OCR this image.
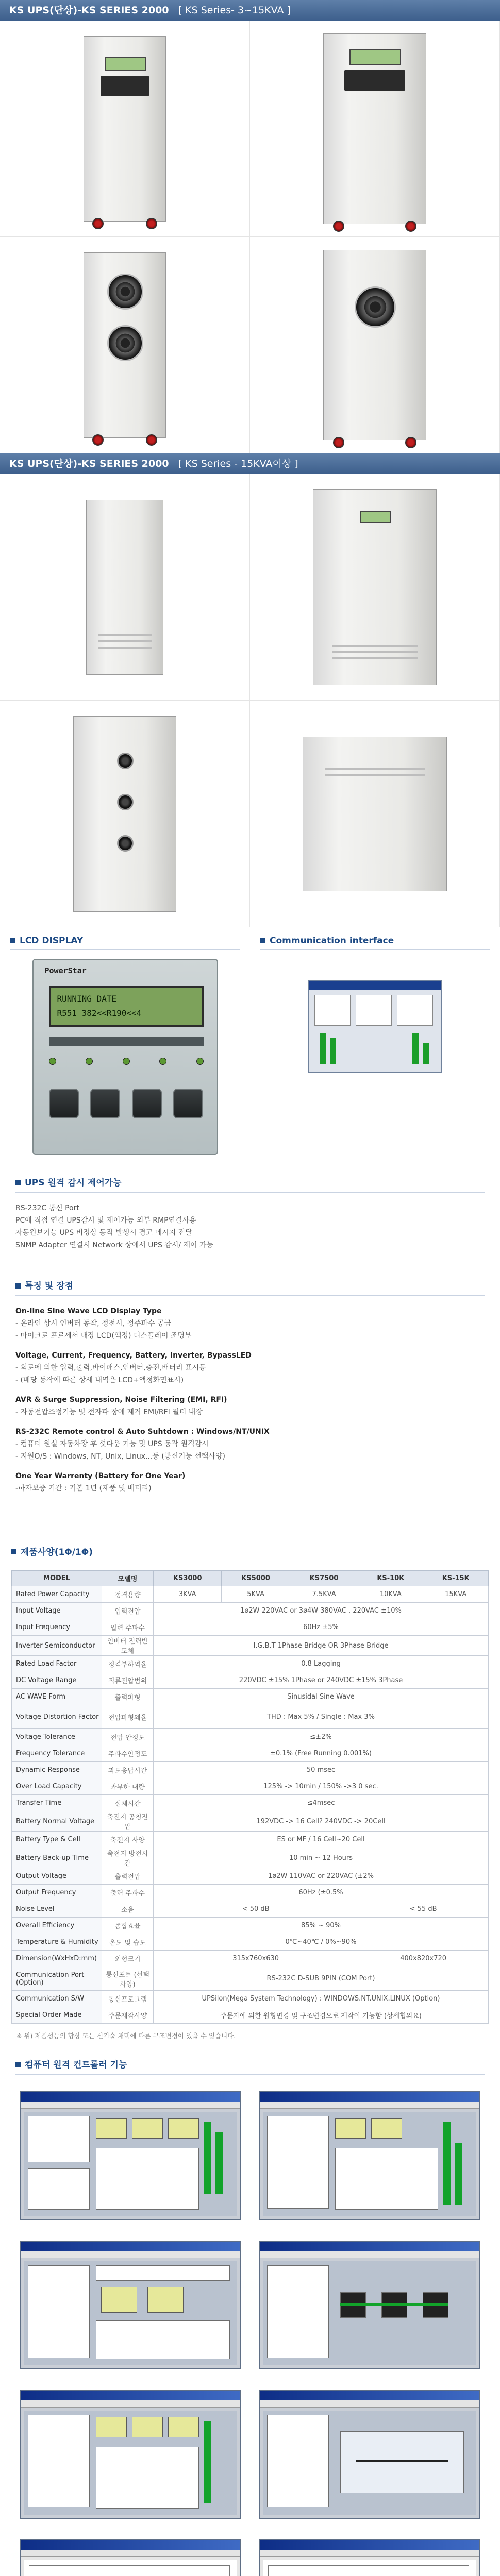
KS UPS(단상)-KS SERIES 2000 [ KS Series- 3~15KVA ]
KS UPS(단상)-KS SERIES 2000 [ KS Series - 15KVA이상 ]
LCD DISPLAY
PowerStar
RUNNING DATE
R551 382<<R190<<4
Communication interface
UPS 원격 감시 제어가능
RS-232C 통신 Port
PC에 직접 연결 UPS감시 및 제어가능 외부 RMP연결사용
자동원보기능 UPS 비정상 동작 발생시 경고 메시지 전달
SNMP Adapter 연결시 Network 상에서 UPS 감시/ 제어 가능
특징 및 장점
On-line Sine Wave LCD Display Type
- 온라인 상시 인버터 동작, 정전시, 정주파수 공급
- 마이크로 프로세서 내장 LCD(액정) 디스플레이 조명부
Voltage, Current, Frequency, Battery, Inverter, BypassLED
- 회로에 의한 입력,출력,바이패스,인버터,충전,배터리 표시등
- (배당 동작에 따른 상세 내역은 LCD+액정화면표시)
AVR & Surge Suppression, Noise Filtering (EMI, RFI)
- 자동전압조정기능 및 전자파 장애 제거 EMI/RFI 필터 내장
RS-232C Remote control & Auto Suhtdown : Windows/NT/UNIX
- 컴퓨터 원실 자동차장 후 셧다운 기능 및 UPS 동작 원격감시
- 지원O/S : Windows, NT, Unix, Linux...등 (통신기능 선택사양)
One Year Warrenty (Battery for One Year)
-하자보증 기간 : 기본 1년 (제품 및 배터리)
제품사양(1Φ/1Φ)
MODEL	모델명	KS3000	KS5000	KS7500	KS-10K	KS-15K
Rated Power Capacity	정격용량	3KVA	5KVA	7.5KVA	10KVA	15KVA
Input Voltage	입력전압	1ø2W 220VAC or 3ø4W 380VAC , 220VAC ±10%				
Input Frequency	입력 주파수	60Hz ±5%				
Inverter Semiconductor	인버터 전력반도체	I.G.B.T 1Phase Bridge OR 3Phase Bridge				
Rated Load Factor	정격부하역율	0.8 Lagging				
DC Voltage Range	직류전압범위	220VDC ±15% 1Phase or 240VDC ±15% 3Phase				
AC WAVE Form	출력파형	Sinusidal Sine Wave				
Voltage Distortion Factor	전압파형왜율	THD : Max 5% / Single : Max 3%				
Voltage Tolerance	전압 안정도	≤±2%				
Frequency Tolerance	주파수안정도	±0.1% (Free Running 0.001%)				
Dynamic Response	과도응답시간	50 msec				
Over Load Capacity	과부하 내량	125% -> 10min / 150% ->3 0 sec.				
Transfer Time	절체시간	≤4msec				
Battery Normal Voltage	축전지 공칭전압	192VDC -> 16 Cell? 240VDC -> 20Cell				
Battery Type & Cell	축전지 사양	ES or MF / 16 Cell~20 Cell				
Battery Back-up Time	축전지 방전시간	10 min ~ 12 Hours				
Output Voltage	출력전압	1ø2W 110VAC or 220VAC (±2%				
Output Frequency	출력 주파수	60Hz (±0.5%				
Noise Level	소음	< 50 dB			< 55 dB	
Overall Efficiency	종합효율	85% ~ 90%				
Temperature & Humidity	온도 및 습도	0℃~40℃ / 0%~90%				
Dimension(WxHxD:mm)	외형크기	315x760x630			400x820x720	
Communication Port (Option)	통신포트 (선택사양)	RS-232C D-SUB 9PIN (COM Port)				
Communication S/W	통신프로그램	UPSilon(Mega System Technology) : WINDOWS.NT.UNIX.LINUX (Option)				
Special Order Made	주문제작사양	주문자에 의한 원형변경 및 구조변경으로 제작이 가능함 (상세협의요)				
※ 위) 제품성능의 향상 또는 신기술 채택에 따른 구조변경이 있을 수 있습니다.
컴퓨터 원격 컨트롤러 기능
